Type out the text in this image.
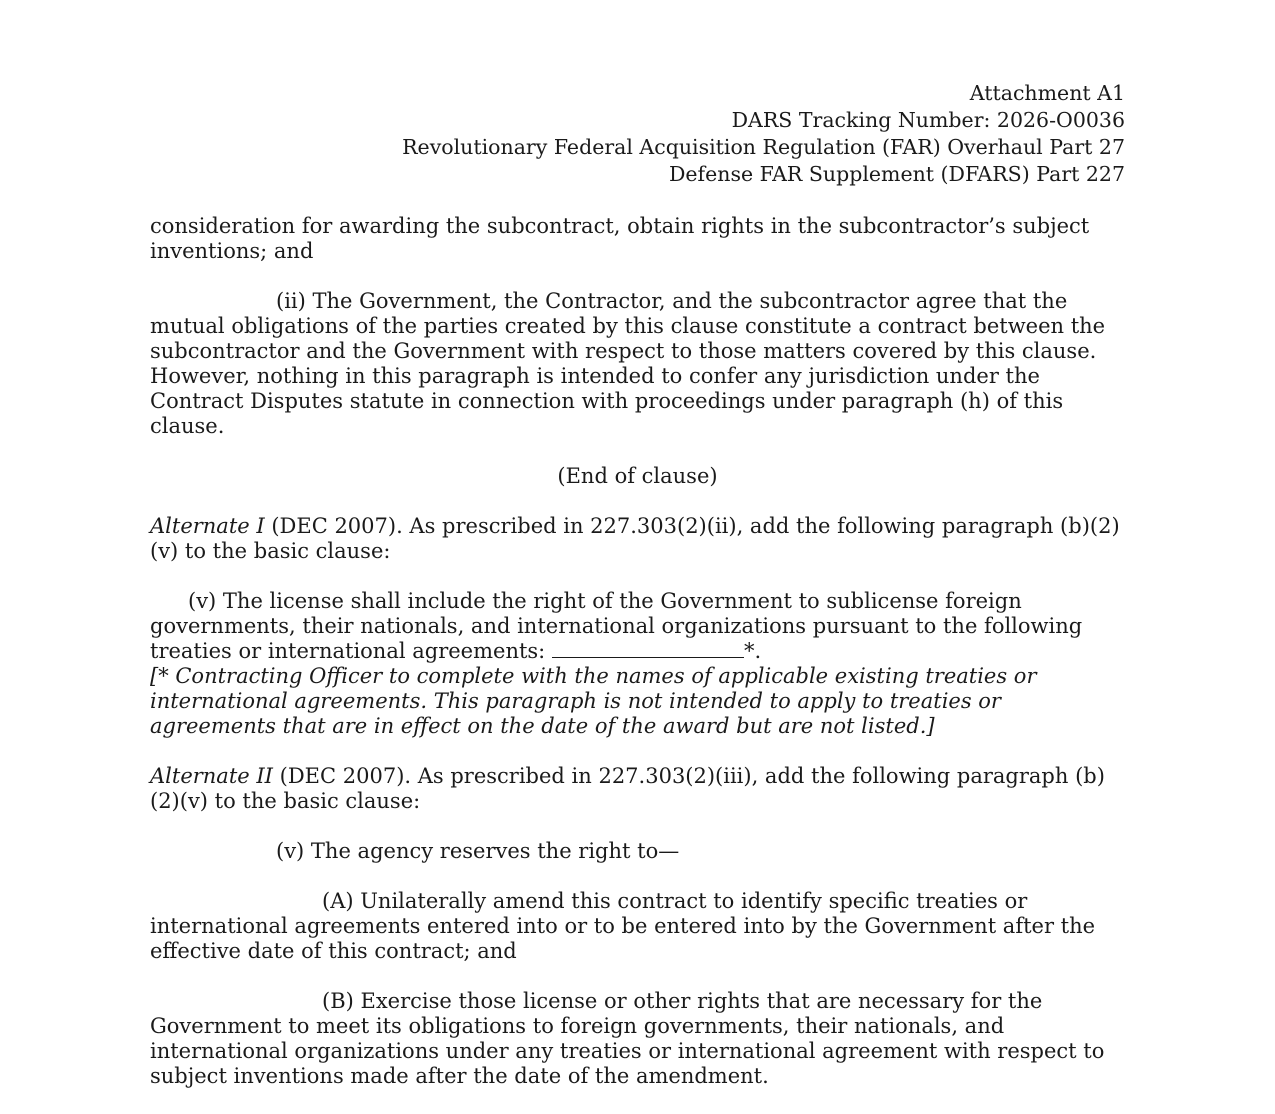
Attachment A1
DARS Tracking Number: 2026-O0036
Revolutionary Federal Acquisition Regulation (FAR) Overhaul Part 27
Defense FAR Supplement (DFARS) Part 227

consideration for awarding the subcontract, obtain rights in the subcontractor’s subject inventions; and

(ii) The Government, the Contractor, and the subcontractor agree that the mutual obligations of the parties created by this clause constitute a contract between the subcontractor and the Government with respect to those matters covered by this clause. However, nothing in this paragraph is intended to confer any jurisdiction under the Contract Disputes statute in connection with proceedings under paragraph (h) of this clause.

(End of clause)

Alternate I (DEC 2007). As prescribed in 227.303(2)(ii), add the following paragraph (b)(2)(v) to the basic clause:

(v) The license shall include the right of the Government to sublicense foreign governments, their nationals, and international organizations pursuant to the following treaties or international agreements:	*.

[* Contracting Officer to complete with the names of applicable existing treaties or international agreements. This paragraph is not intended to apply to treaties or agreements that are in effect on the date of the award but are not listed.]

Alternate II (DEC 2007). As prescribed in 227.303(2)(iii), add the following paragraph (b)(2)(v) to the basic clause:

(v) The agency reserves the right to—

(A) Unilaterally amend this contract to identify specific treaties or international agreements entered into or to be entered into by the Government after the effective date of this contract; and

(B) Exercise those license or other rights that are necessary for the Government to meet its obligations to foreign governments, their nationals, and international organizations under any treaties or international agreement with respect to subject inventions made after the date of the amendment.
